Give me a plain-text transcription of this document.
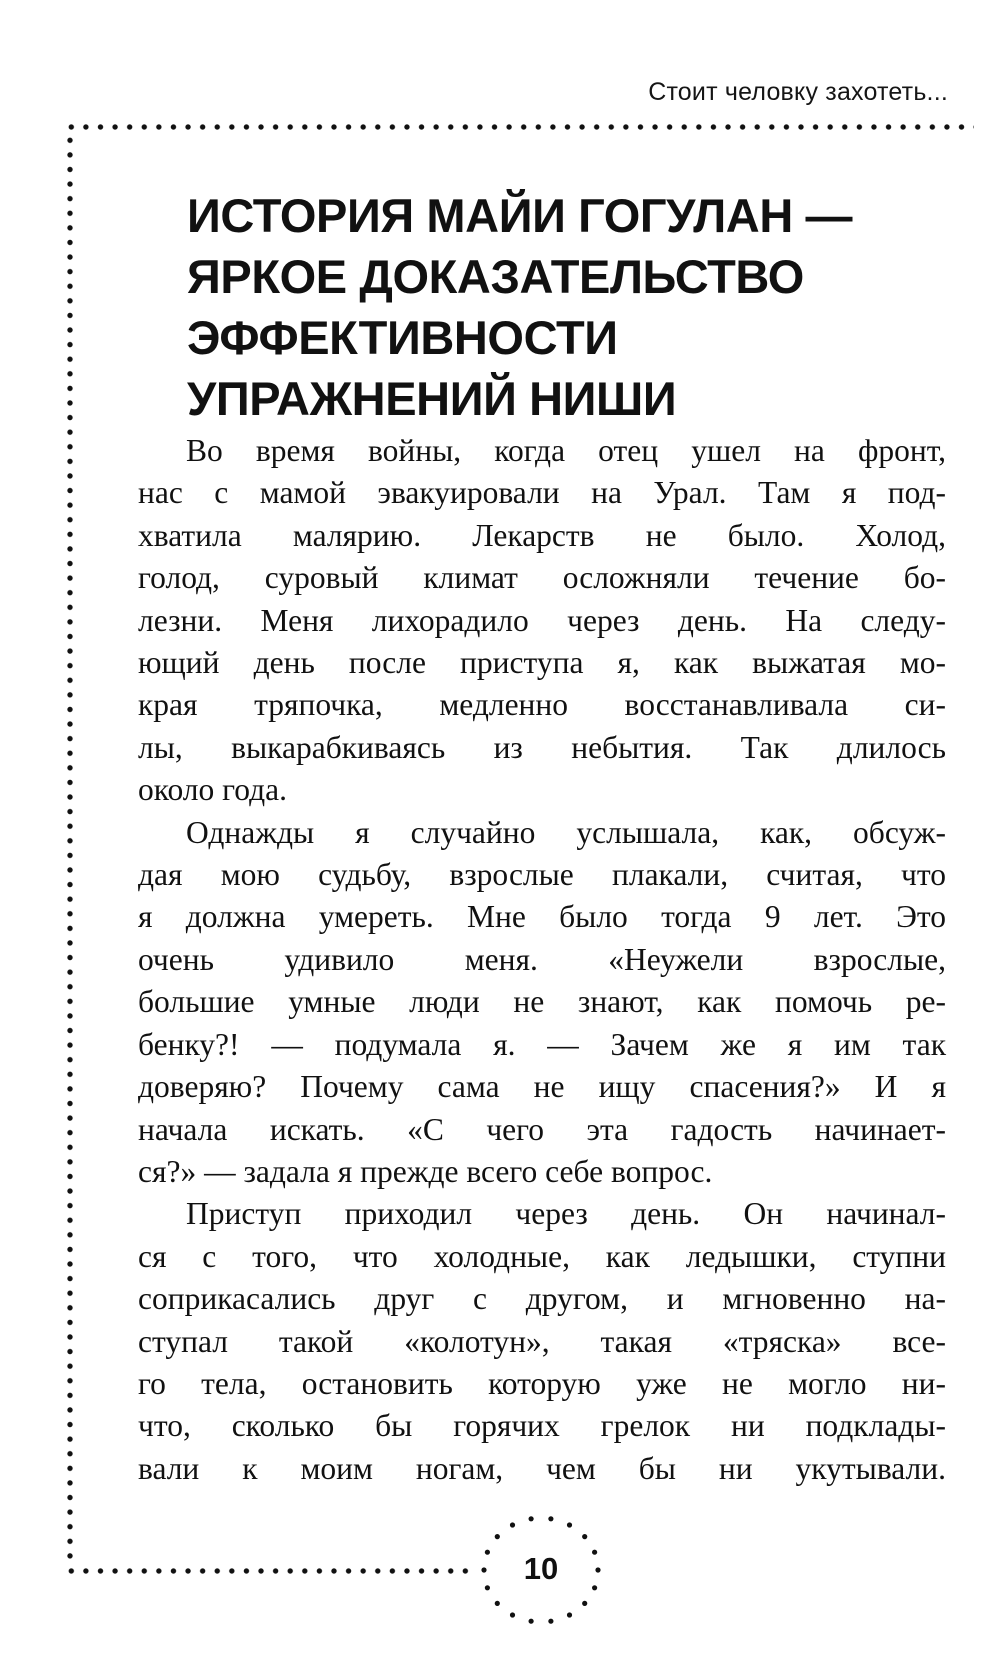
Стоит человку захотеть...
10
ИСТОРИЯ МАЙИ ГОГУЛАН —
ЯРКОЕ ДОКАЗАТЕЛЬСТВО
ЭФФЕКТИВНОСТИ
УПРАЖНЕНИЙ НИШИ

Во время войны, когда отец ушел на фронт,
нас с мамой эвакуировали на Урал. Там я под-
хватила малярию. Лекарств не было. Холод,
голод, суровый климат осложняли течение бо-
лезни. Меня лихорадило через день. На следу-
ющий день после приступа я, как выжатая мо-
края тряпочка, медленно восстанавливала си-
лы, выкарабкиваясь из небытия. Так длилось
около года.

Однажды я случайно услышала, как, обсуж-
дая мою судьбу, взрослые плакали, считая, что
я должна умереть. Мне было тогда 9 лет. Это
очень удивило меня. «Неужели взрослые,
большие умные люди не знают, как помочь ре-
бенку?! — подумала я. — Зачем же я им так
доверяю? Почему сама не ищу спасения?» И я
начала искать. «С чего эта гадость начинает-
ся?» — задала я прежде всего себе вопрос.

Приступ приходил через день. Он начинал-
ся с того, что холодные, как ледышки, ступни
соприкасались друг с другом, и мгновенно на-
ступал такой «колотун», такая «тряска» все-
го тела, остановить которую уже не могло ни-
что, сколько бы горячих грелок ни подклады-
вали к моим ногам, чем бы ни укутывали.
